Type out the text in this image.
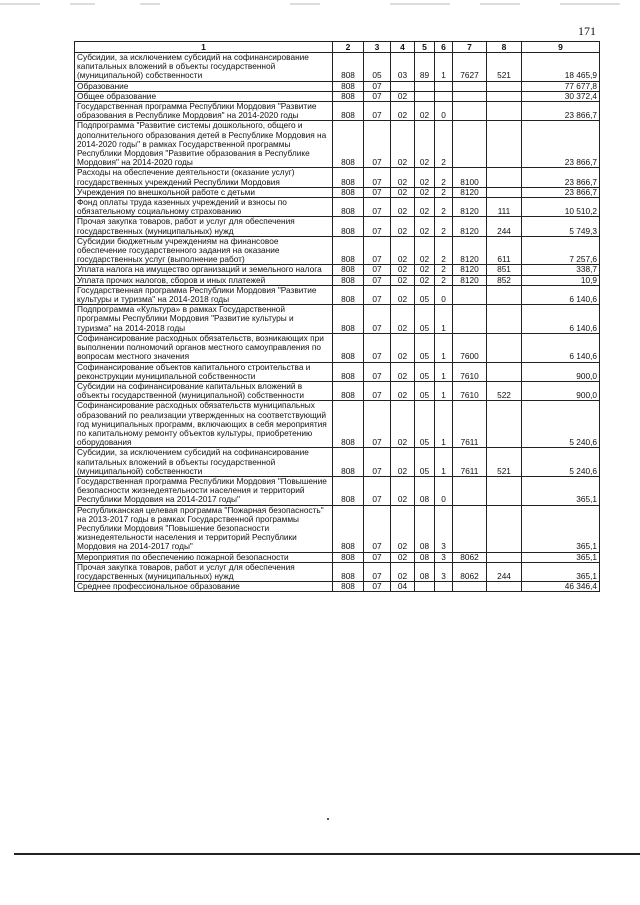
171
1	2	3	4	5	6	7	8	9
Субсидии, за исключением субсидий на софинансирование капитальных вложений в объекты государственной (муниципальной) собственности	808	05	03	89	1	7627	521	18 465,9
Образование	808	07						77 677,8
Общее образование	808	07	02					30 372,4
Государственная программа Республики Мордовия "Развитие образования в Республике Мордовия" на 2014-2020 годы	808	07	02	02	0			23 866,7
Подпрограмма "Развитие системы дошкольного, общего и дополнительного образования детей в Республике Мордовия на 2014-2020 годы" в рамках Государственной программы Республики Мордовия "Развитие образования в Республике Мордовия" на 2014-2020 годы	808	07	02	02	2			23 866,7
Расходы на обеспечение деятельности (оказание услуг) государственных учреждений Республики Мордовия	808	07	02	02	2	8100		23 866,7
Учреждения по внешкольной работе с детьми	808	07	02	02	2	8120		23 866,7
Фонд оплаты труда казенных учреждений и взносы по обязательному социальному страхованию	808	07	02	02	2	8120	111	10 510,2
Прочая закупка товаров, работ и услуг для обеспечения государственных (муниципальных) нужд	808	07	02	02	2	8120	244	5 749,3
Субсидии бюджетным учреждениям на финансовое обеспечение государственного задания на оказание государственных услуг (выполнение работ)	808	07	02	02	2	8120	611	7 257,6
Уплата налога на имущество организаций и земельного налога	808	07	02	02	2	8120	851	338,7
Уплата прочих налогов, сборов и иных платежей	808	07	02	02	2	8120	852	10,9
Государственная программа Республики Мордовия "Развитие культуры и туризма" на 2014-2018 годы	808	07	02	05	0			6 140,6
Подпрограмма «Культура» в рамках Государственной программы Республики Мордовия "Развитие культуры и туризма" на 2014-2018 годы	808	07	02	05	1			6 140,6
Софинансирование расходных обязательств, возникающих при выполнении полномочий органов местного самоуправления по вопросам местного значения	808	07	02	05	1	7600		6 140,6
Софинансирование объектов капитального строительства и реконструкции муниципальной собственности	808	07	02	05	1	7610		900,0
Субсидии на софинансирование капитальных вложений в объекты государственной (муниципальной) собственности	808	07	02	05	1	7610	522	900,0
Софинансирование расходных обязательств муниципальных образований по реализации утвержденных на соответствующий год муниципальных программ, включающих в себя мероприятия по капитальному ремонту объектов культуры, приобретению оборудования	808	07	02	05	1	7611		5 240,6
Субсидии, за исключением субсидий на софинансирование капитальных вложений в объекты государственной (муниципальной) собственности	808	07	02	05	1	7611	521	5 240,6
Государственная программа Республики Мордовия "Повышение безопасности жизнедеятельности населения и территорий Республики Мордовия на 2014-2017 годы"	808	07	02	08	0			365,1
Республиканская целевая программа "Пожарная безопасность" на 2013-2017 годы в рамках Государственной программы Республики Мордовия "Повышение безопасности жизнедеятельности населения и территорий Республики Мордовия на 2014-2017 годы"	808	07	02	08	3			365,1
Мероприятия по обеспечению пожарной безопасности	808	07	02	08	3	8062		365,1
Прочая закупка товаров, работ и услуг для обеспечения государственных (муниципальных) нужд	808	07	02	08	3	8062	244	365,1
Среднее профессиональное образование	808	07	04					46 346,4
